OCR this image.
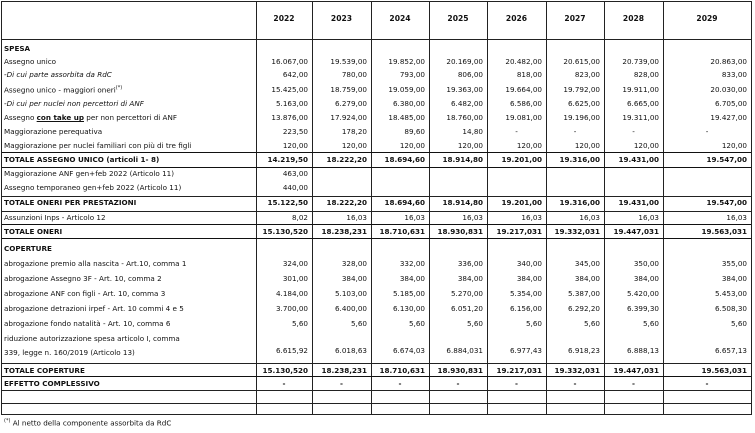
2022	2023	2024	2025	2026	2027	2028	2029
SPESA
COPERTURE
Assegno unico	16.067,00	19.539,00	19.852,00	20.169,00	20.482,00	20.615,00	20.739,00	20.863,00
-Di cui parte assorbita da RdC	642,00	780,00	793,00	806,00	818,00	823,00	828,00	833,00
Assegno unico - maggiori oneri(*)	15.425,00	18.759,00	19.059,00	19.363,00	19.664,00	19.792,00	19.911,00	20.030,00
-Di cui per nuclei non percettori di ANF	5.163,00	6.279,00	6.380,00	6.482,00	6.586,00	6.625,00	6.665,00	6.705,00
Assegno con take up per non percettori di ANF	13.876,00	17.924,00	18.485,00	18.760,00	19.081,00	19.196,00	19.311,00	19.427,00
Maggiorazione perequativa	223,50	178,20	89,60	14,80	-	-	-	-
Maggiorazione per nuclei familiari con più di tre figli	120,00	120,00	120,00	120,00	120,00	120,00	120,00	120,00
TOTALE ASSEGNO UNICO (articoli 1- 8)	14.219,50	18.222,20	18.694,60	18.914,80	19.201,00	19.316,00	19.431,00	19.547,00
Maggiorazione ANF gen+feb 2022 (Articolo 11)	463,00
Assegno temporaneo gen+feb 2022 (Articolo 11)	440,00
TOTALE ONERI PER PRESTAZIONI	15.122,50	18.222,20	18.694,60	18.914,80	19.201,00	19.316,00	19.431,00	19.547,00
Assunzioni Inps - Articolo 12	8,02	16,03	16,03	16,03	16,03	16,03	16,03	16,03
TOTALE ONERI	15.130,520	18.238,231	18.710,631	18.930,831	19.217,031	19.332,031	19.447,031	19.563,031
abrogazione premio alla nascita - Art.10, comma 1	324,00	328,00	332,00	336,00	340,00	345,00	350,00	355,00
abrogazione Assegno 3F - Art. 10, comma 2	301,00	384,00	384,00	384,00	384,00	384,00	384,00	384,00
abrogazione ANF con figli - Art. 10, comma 3	4.184,00	5.103,00	5.185,00	5.270,00	5.354,00	5.387,00	5.420,00	5.453,00
abrogazione detrazioni irpef - Art. 10 commi 4 e 5	3.700,00	6.400,00	6.130,00	6.051,20	6.156,00	6.292,20	6.399,30	6.508,30
abrogazione fondo natalità - Art. 10, comma 6	5,60	5,60	5,60	5,60	5,60	5,60	5,60	5,60
riduzione autorizzazione spesa articolo I, comma
339, legge n. 160/2019 (Articolo 13)	6.615,92	6.018,63	6.674,03	6.884,031	6.977,43	6.918,23	6.888,13	6.657,13
TOTALE COPERTURE	15.130,520	18.238,231	18.710,631	18.930,831	19.217,031	19.332,031	19.447,031	19.563,031
EFFETTO COMPLESSIVO	-	-	-	-	-	-	-	-
(*) Al netto della componente assorbita da RdC
